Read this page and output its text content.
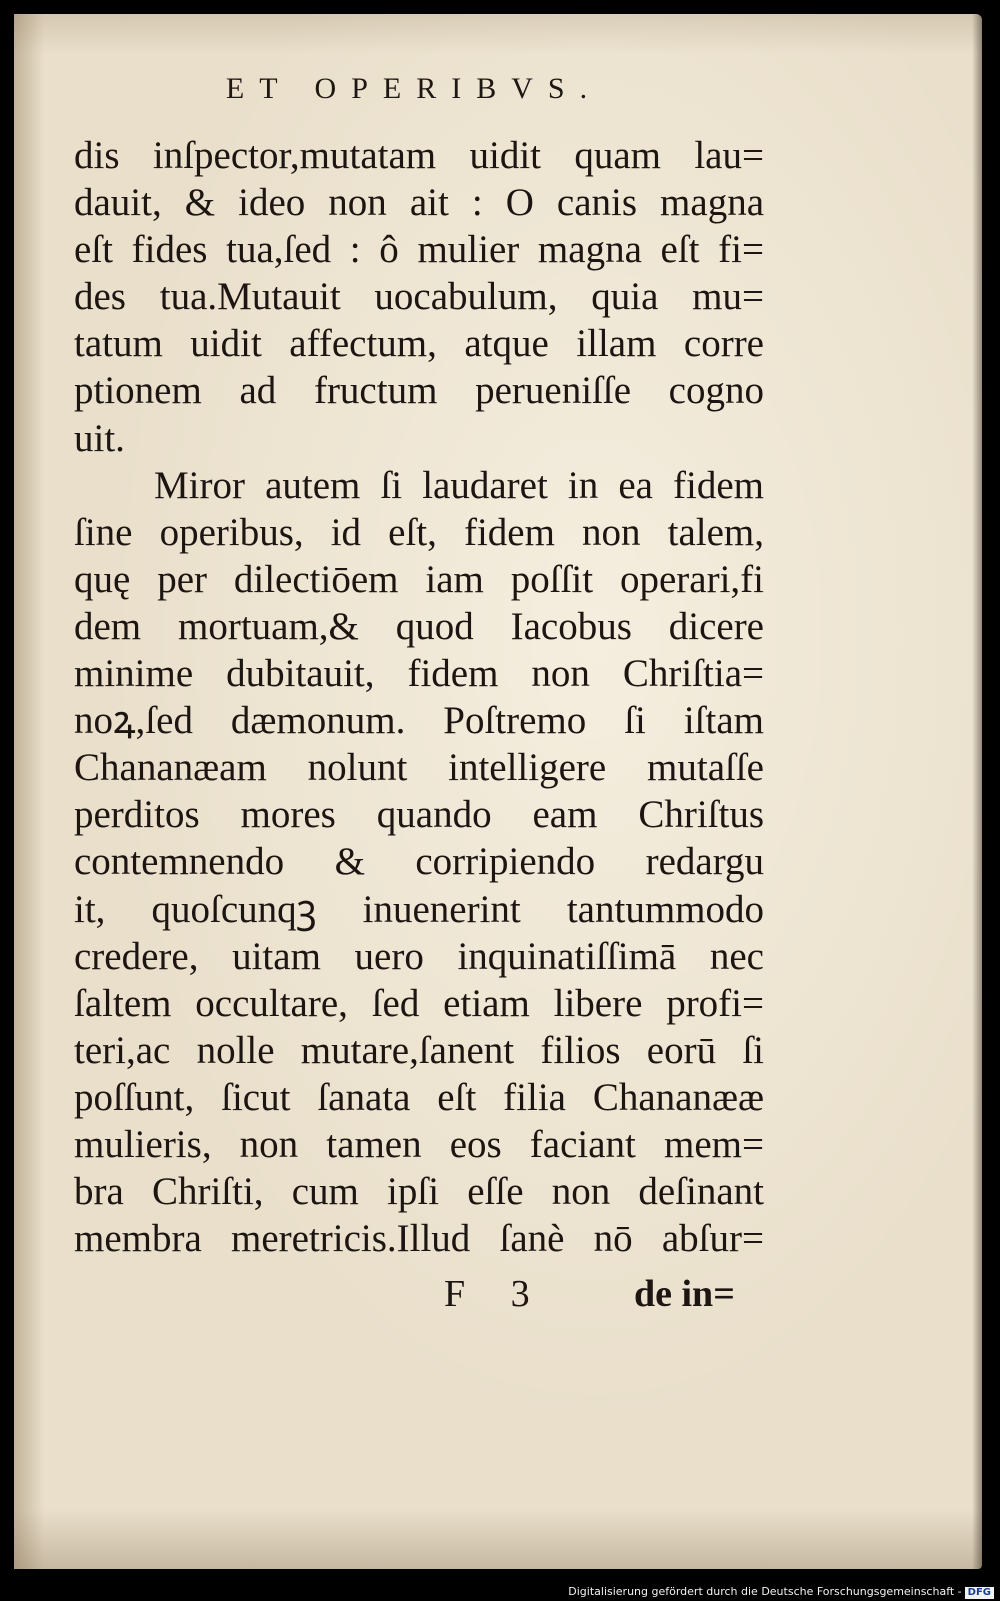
ET OPERIBVS.
dis inſpector,mutatam uidit quam lau=
dauit, & ideo non ait : O canis magna
eſt fides tua,ſed : ô mulier magna eſt fi=
des tua.Mutauit uocabulum, quia mu=
tatum uidit affectum, atque illam corre
ptionem ad fructum perueniſſe cogno
uit.
Miror autem ſi laudaret in ea fidem
ſine operibus, id eſt, fidem non talem,
quę per dilectiōem iam poſſit operari,fi
dem mortuam,& quod Iacobus dicere
minime dubitauit, fidem non Chriſtia=
noꝝ,ſed dæmonum. Poſtremo ſi iſtam
Chananæam nolunt intelligere mutaſſe
perditos mores quando eam Chriſtus
contemnendo & corripiendo redargu
it, quoſcunqꝫ inuenerint tantummodo
credere, uitam uero inquinatiſſimā nec
ſaltem occultare, ſed etiam libere profi=
teri,ac nolle mutare,ſanent filios eorū ſi
poſſunt, ſicut ſanata eſt filia Chananææ
mulieris, non tamen eos faciant mem=
bra Chriſti, cum ipſi eſſe non deſinant
membra meretricis.Illud ſanè nō abſur=
F 3 de in=
Digitalisierung gefördert durch die Deutsche Forschungsgemeinschaft - DFG
